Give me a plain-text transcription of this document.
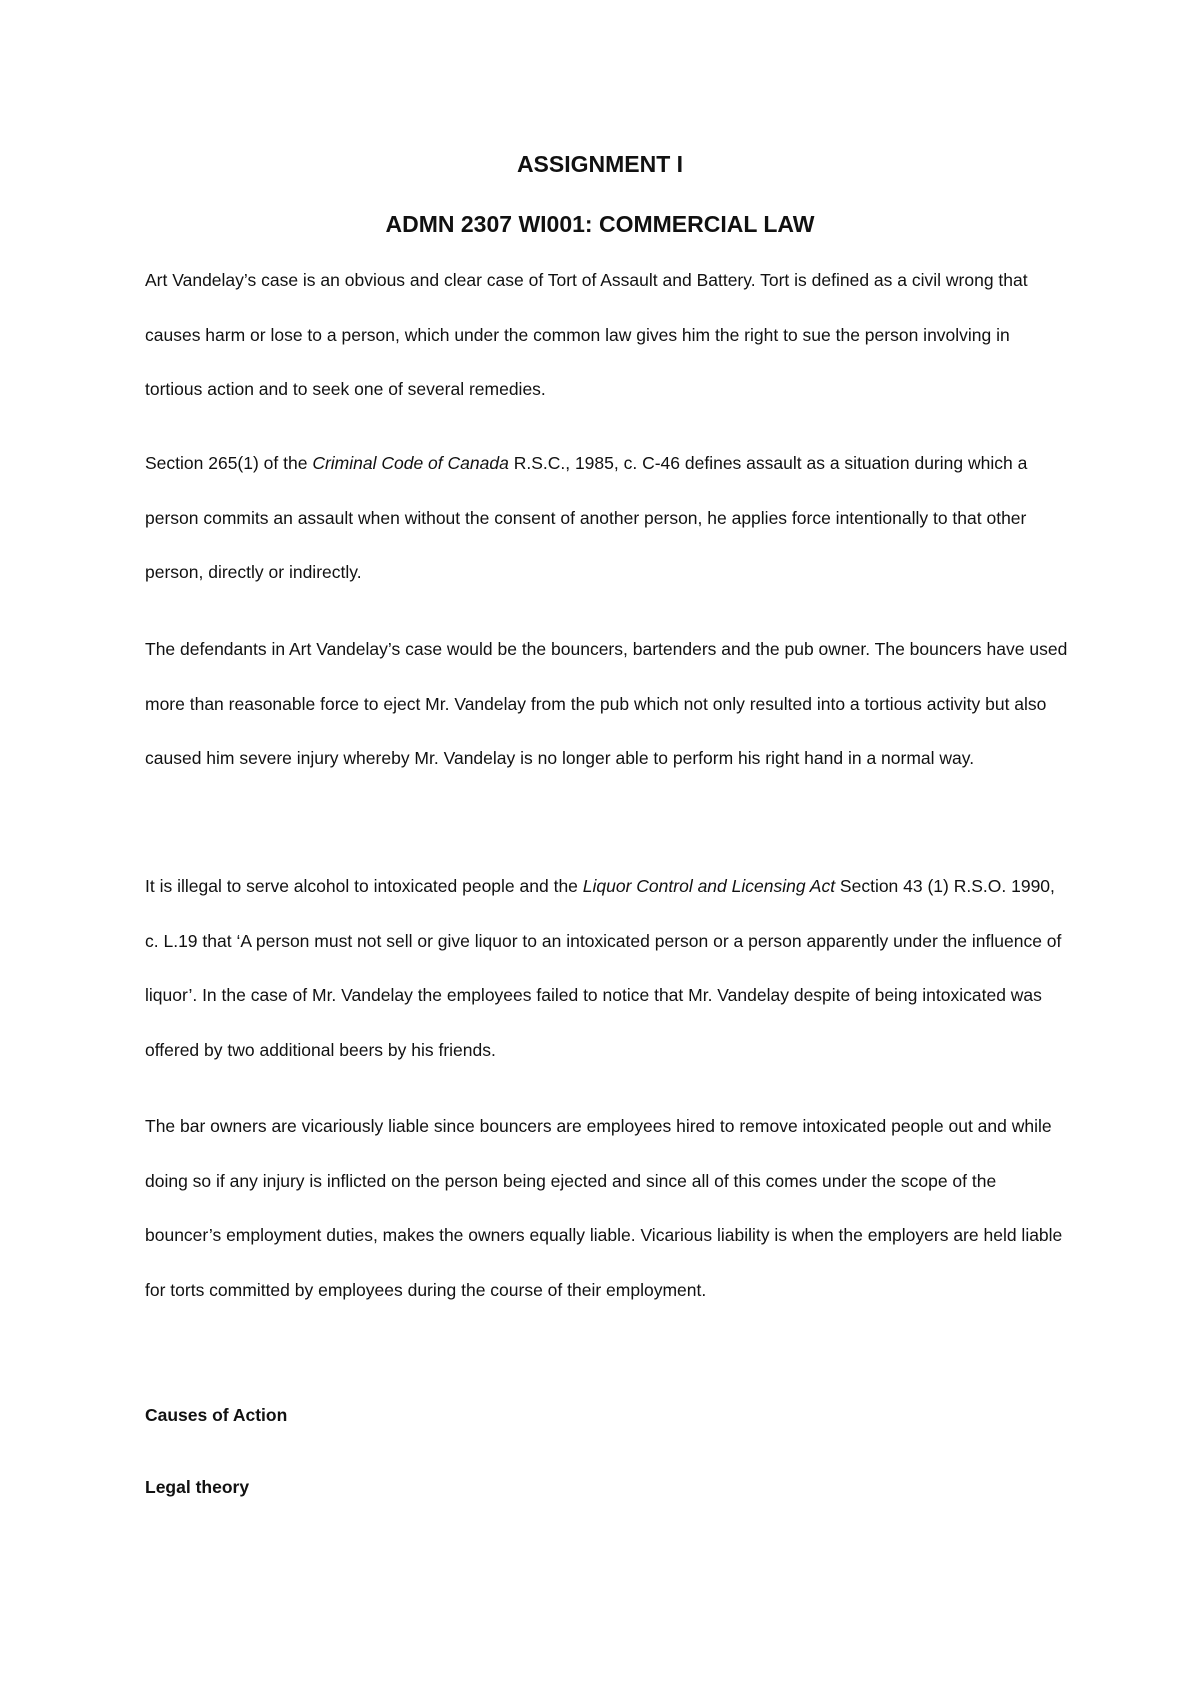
ASSIGNMENT I
ADMN 2307 WI001: COMMERCIAL LAW

Art Vandelay’s case is an obvious and clear case of Tort of Assault and Battery. Tort is defined as a civil wrong that causes harm or lose to a person, which under the common law gives him the right to sue the person involving in tortious action and to seek one of several remedies.

Section 265(1) of the Criminal Code of Canada R.S.C., 1985, c. C-46 defines assault as a situation during which a person commits an assault when without the consent of another person, he applies force intentionally to that other person, directly or indirectly.

The defendants in Art Vandelay’s case would be the bouncers, bartenders and the pub owner. The bouncers have used more than reasonable force to eject Mr. Vandelay from the pub which not only resulted into a tortious activity but also caused him severe injury whereby Mr. Vandelay is no longer able to perform his right hand in a normal way.

It is illegal to serve alcohol to intoxicated people and the Liquor Control and Licensing Act Section 43 (1) R.S.O. 1990, c. L.19 that ‘A person must not sell or give liquor to an intoxicated person or a person apparently under the influence of liquor’. In the case of Mr. Vandelay the employees failed to notice that Mr. Vandelay despite of being intoxicated was offered by two additional beers by his friends.

The bar owners are vicariously liable since bouncers are employees hired to remove intoxicated people out and while doing so if any injury is inflicted on the person being ejected and since all of this comes under the scope of the bouncer’s employment duties, makes the owners equally liable. Vicarious liability is when the employers are held liable for torts committed by employees during the course of their employment.

Causes of Action

Legal theory
